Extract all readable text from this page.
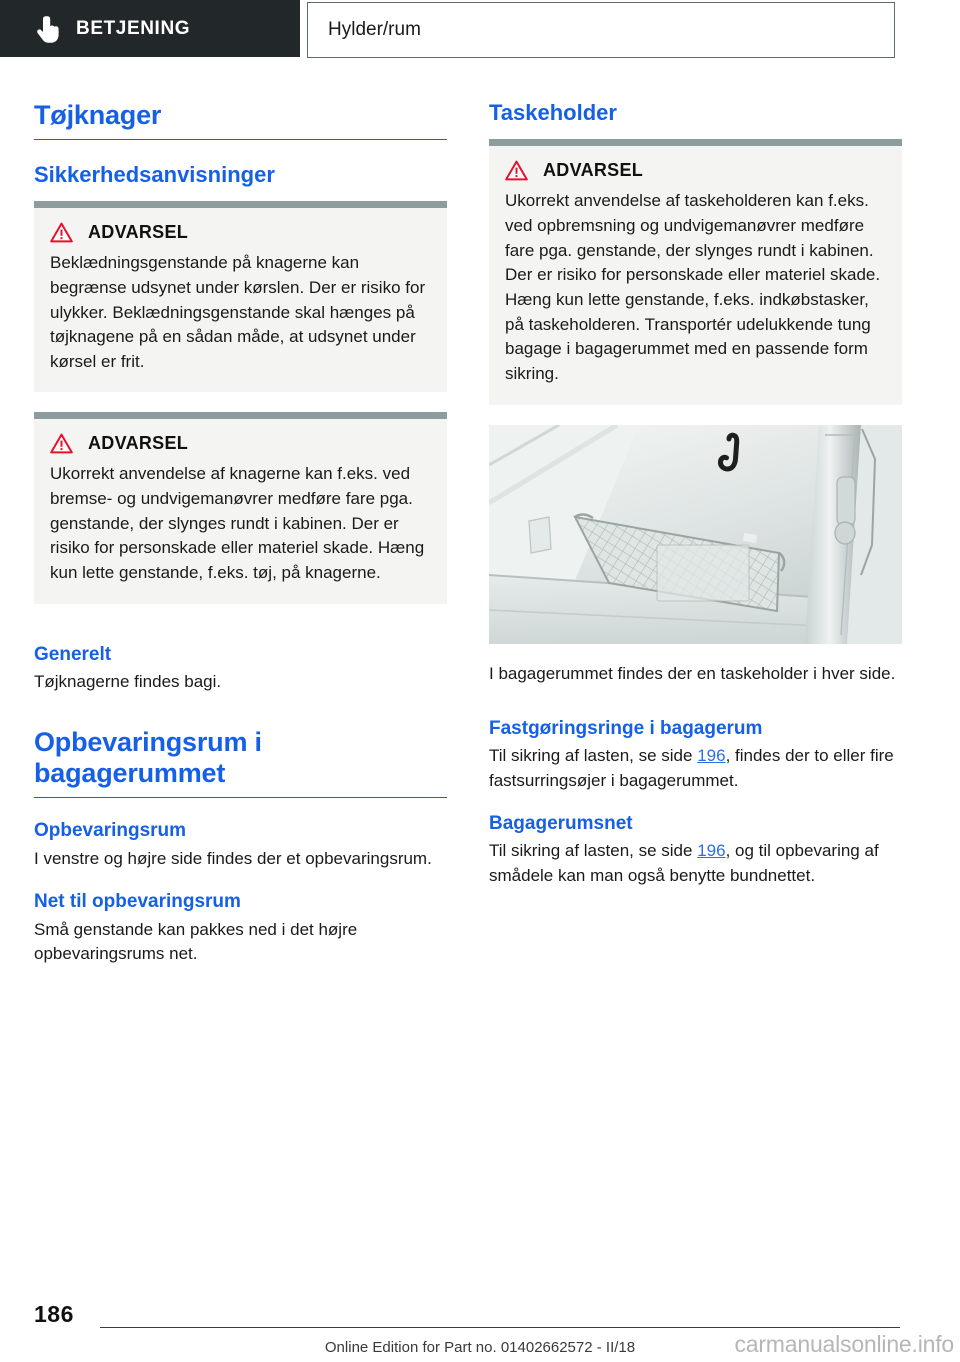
BETJENING	Hylder/rum
Tøjknager
Sikkerhedsanvisninger
ADVARSEL

Beklædningsgenstande på knagerne kan begrænse udsynet under kørslen. Der er risiko for ulykker. Beklædningsgenstande skal hænges på tøjknagene på en sådan måde, at udsynet under kørsel er frit.

ADVARSEL

Ukorrekt anvendelse af knagerne kan f.eks. ved bremse- og undvigemanøvrer medføre fare pga. genstande, der slynges rundt i kabinen. Der er risiko for personskade eller materiel skade. Hæng kun lette genstande, f.eks. tøj, på knagerne.

Generelt

Tøjknagerne findes bagi.

Opbevaringsrum i bagagerummet
Opbevaringsrum

I venstre og højre side findes der et opbevaringsrum.

Net til opbevaringsrum

Små genstande kan pakkes ned i det højre opbevaringsrums net.

Taskeholder
ADVARSEL

Ukorrekt anvendelse af taskeholderen kan f.eks. ved opbremsning og undvigemanøvrer medføre fare pga. genstande, der slynges rundt i kabinen. Der er risiko for personskade eller materiel skade. Hæng kun lette genstande, f.eks. indkøbstasker, på taskeholderen. Transportér udelukkende tung bagage i bagagerummet med en passende form sikring.

I bagagerummet findes der en taskeholder i hver side.

Fastgøringsringe i bagagerum

Til sikring af lasten, se side 196, findes der to eller fire fastsurringsøjer i bagagerummet.

Bagagerumsnet

Til sikring af lasten, se side 196, og til opbevaring af smådele kan man også benytte bundnettet.

186
Online Edition for Part no. 01402662572 - II/18	carmanualsonline.info
